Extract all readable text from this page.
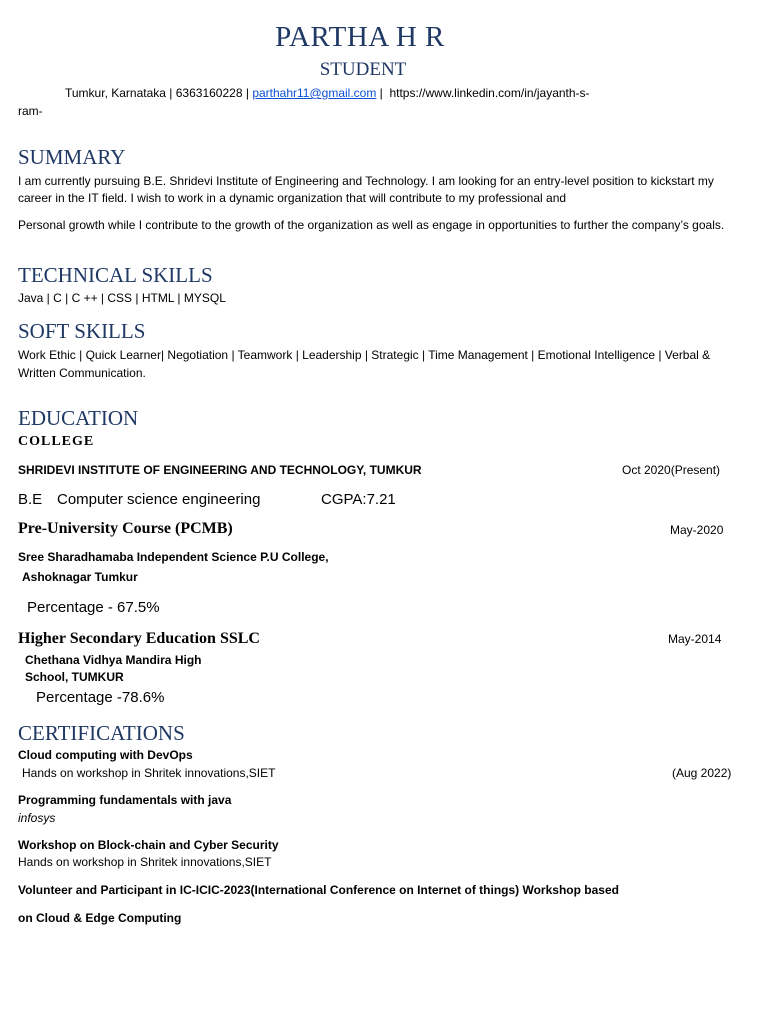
PARTHA H R
STUDENT
Tumkur, Karnataka | 6363160228 | parthahr11@gmail.com | https://www.linkedin.com/in/jayanth-s-
ram-
SUMMARY
I am currently pursuing B.E. Shridevi Institute of Engineering and Technology. I am looking for an entry-level position to kickstart my career in the IT field. I wish to work in a dynamic organization that will contribute to my professional and
Personal growth while I contribute to the growth of the organization as well as engage in opportunities to further the company’s goals.
TECHNICAL SKILLS
Java | C | C ++ | CSS | HTML | MYSQL
SOFT SKILLS
Work Ethic | Quick Learner| Negotiation | Teamwork | Leadership | Strategic | Time Management | Emotional Intelligence | Verbal & Written Communication.
EDUCATION
COLLEGE
SHRIDEVI INSTITUTE OF ENGINEERING AND TECHNOLOGY, TUMKUR	Oct 2020(Present)
B.E Computer science engineering	CGPA:7.21
Pre-University Course (PCMB)	May-2020
Sree Sharadhamaba Independent Science P.U College,
Ashoknagar Tumkur
Percentage - 67.5%
Higher Secondary Education SSLC	May-2014
Chethana Vidhya Mandira High
School, TUMKUR
Percentage -78.6%
CERTIFICATIONS
Cloud computing with DevOps
Hands on workshop in Shritek innovations,SIET	(Aug 2022)
Programming fundamentals with java
infosys
Workshop on Block-chain and Cyber Security
Hands on workshop in Shritek innovations,SIET
Volunteer and Participant in IC-ICIC-2023(International Conference on Internet of things) Workshop based
on Cloud & Edge Computing
